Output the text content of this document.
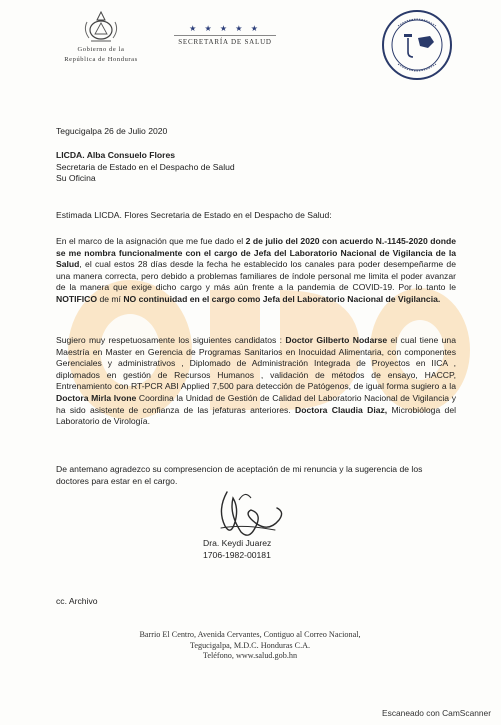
Gobierno de la
República de Honduras
★ ★ ★ ★ ★
SECRETARÍA DE SALUD
Tegucigalpa 26 de Julio 2020
LICDA. Alba Consuelo Flores
Secretaria de Estado en el Despacho de Salud
Su Oficina
Estimada LICDA. Flores Secretaria de Estado en el Despacho de Salud:
En el marco de la asignación que me fue dado el 2 de julio del 2020 con acuerdo N.-1145-2020 donde se me nombra funcionalmente con el cargo de Jefa del Laboratorio Nacional de Vigilancia de la Salud, el cual estos 28 días desde la fecha he establecido los canales para poder desempeñarme de una manera correcta, pero debido a problemas familiares de índole personal me limita el poder avanzar de la manera que exige dicho cargo y más aún frente a la pandemia de COVID-19. Por lo tanto le NOTIFICO de mí NO continuidad en el cargo como Jefa del Laboratorio Nacional de Vigilancia.
Sugiero muy respetuosamente los siguientes candidatos : Doctor Gilberto Nodarse el cual tiene una Maestría en Master en Gerencia de Programas Sanitarios en Inocuidad Alimentaria, con componentes Gerenciales y administrativos , Diplomado de Administración Integrada de Proyectos en IICA , diplomados en gestión de Recursos Humanos , validación de métodos de ensayo, HACCP, Entrenamiento con RT-PCR ABI Applied 7,500 para detección de Patógenos, de igual forma sugiero a la Doctora Mirla Ivone Coordina la Unidad de Gestión de Calidad del Laboratorio Nacional de Vigilancia y ha sido asistente de confianza de las jefaturas anteriores. Doctora Claudia Diaz, Microbióloga del Laboratorio de Virología.
De antemano agradezco su compresencion de aceptación de mi renuncia y la sugerencia de los doctores para estar en el cargo.
Dra. Keydi Juarez
1706-1982-00181
cc. Archivo
Barrio El Centro, Avenida Cervantes, Contiguo al Correo Nacional,
Tegucigalpa, M.D.C. Honduras C.A.
Teléfono, www.salud.gob.hn
Escaneado con CamScanner
